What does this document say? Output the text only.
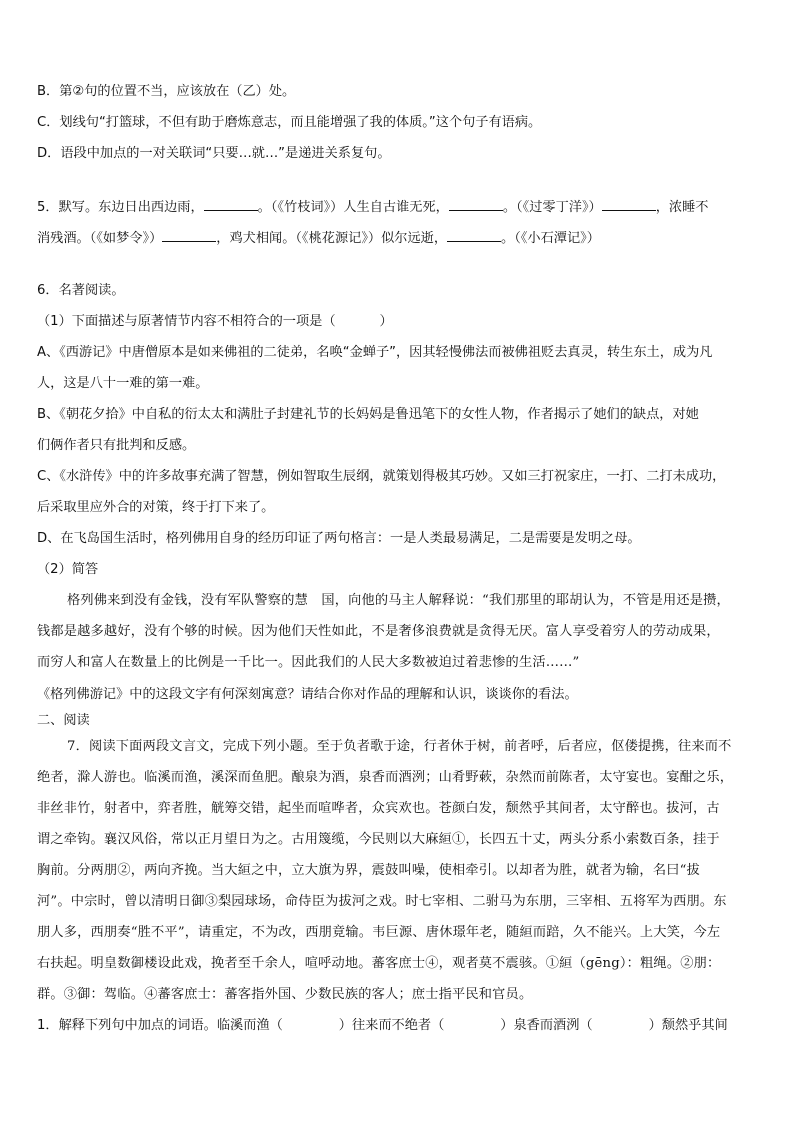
B．第②句的位置不当，应该放在（乙）处。
C．划线句“打篮球，不但有助于磨炼意志，而且能增强了我的体质。”这个句子有语病。
D．语段中加点的一对关联词“只要…就…”是递进关系复句。
5．默写。东边日出西边雨，	。（《竹枝词》）人生自古谁无死，	。（《过零丁洋》）	，浓睡不
消残酒。（《如梦令》）	，鸡犬相闻。（《桃花源记》）似尔远逝，	。（《小石潭记》）
6．名著阅读。
（1）下面描述与原著情节内容不相符合的一项是（	）
A、《西游记》中唐僧原本是如来佛祖的二徒弟，名唤“金蝉子”，因其轻慢佛法而被佛祖贬去真灵，转生东土，成为凡
人，这是八十一难的第一难。
B、《朝花夕拾》中自私的衍太太和满肚子封建礼节的长妈妈是鲁迅笔下的女性人物，作者揭示了她们的缺点，对她
们俩作者只有批判和反感。
C、《水浒传》中的许多故事充满了智慧，例如智取生辰纲，就策划得极其巧妙。又如三打祝家庄，一打、二打未成功，
后采取里应外合的对策，终于打下来了。
D、在飞岛国生活时，格列佛用自身的经历印证了两句格言：一是人类最易满足，二是需要是发明之母。
（2）简答
格列佛来到没有金钱，没有军队警察的慧　国，向他的马主人解释说：“我们那里的耶胡认为，不管是用还是攒，
钱都是越多越好，没有个够的时候。因为他们天性如此，不是奢侈浪费就是贪得无厌。富人享受着穷人的劳动成果，
而穷人和富人在数量上的比例是一千比一。因此我们的人民大多数被迫过着悲惨的生活……”
《格列佛游记》中的这段文字有何深刻寓意？请结合你对作品的理解和认识，谈谈你的看法。
二、阅读
7．阅读下面两段文言文，完成下列小题。至于负者歌于途，行者休于树，前者呼，后者应，伛偻提携，往来而不
绝者，滁人游也。临溪而渔，溪深而鱼肥。酿泉为酒，泉香而酒洌；山肴野蔌，杂然而前陈者，太守宴也。宴酣之乐，
非丝非竹，射者中，弈者胜，觥筹交错，起坐而喧哗者，众宾欢也。苍颜白发，颓然乎其间者，太守醉也。拔河，古
谓之牵钩。襄汉风俗，常以正月望日为之。古用篾缆，今民则以大麻絙①，长四五十丈，两头分系小索数百条，挂于
胸前。分两朋②，两向齐挽。当大絙之中，立大旗为界，震鼓叫噪，使相牵引。以却者为胜，就者为输，名曰“拔
河”。中宗时，曾以清明日御③梨园球场，命侍臣为拔河之戏。时七宰相、二驸马为东朋，三宰相、五将军为西朋。东
朋人多，西朋奏“胜不平”，请重定，不为改，西朋竟输。韦巨源、唐休璟年老，随絙而踣，久不能兴。上大笑，今左
右扶起。明皇数御楼设此戏，挽者至千余人，喧呼动地。蕃客庶士④，观者莫不震骇。①絙（gēng）：粗绳。②朋：
群。③御：驾临。④蕃客庶士：蕃客指外国、少数民族的客人；庶士指平民和官员。
1．解释下列句中加点的词语。临溪而渔（	）往来而不绝者（	）泉香而酒洌（	）颓然乎其间
